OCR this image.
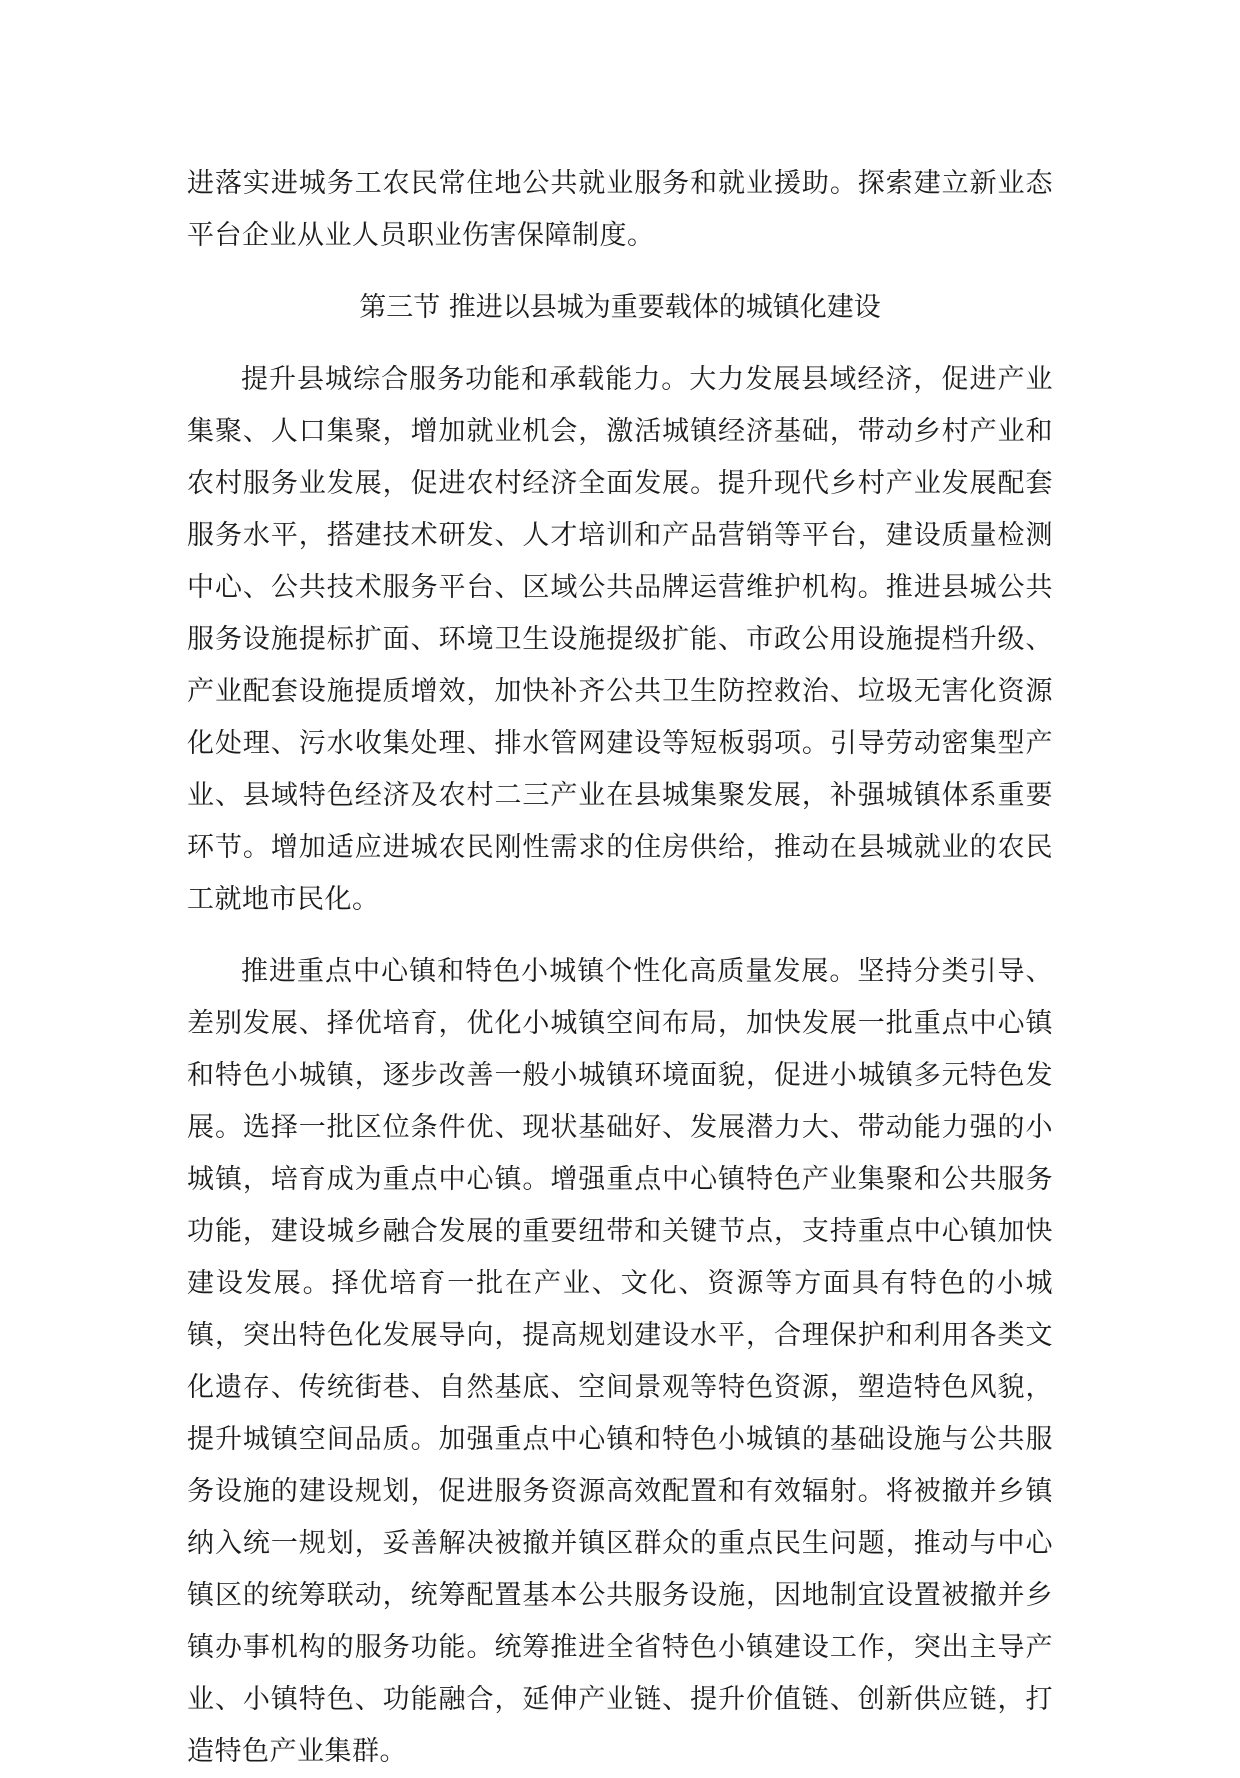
进落实进城务工农民常住地公共就业服务和就业援助。探索建立新业态平台企业从业人员职业伤害保障制度。

第三节 推进以县城为重要载体的城镇化建设

提升县城综合服务功能和承载能力。大力发展县域经济，促进产业集聚、人口集聚，增加就业机会，激活城镇经济基础，带动乡村产业和农村服务业发展，促进农村经济全面发展。提升现代乡村产业发展配套服务水平，搭建技术研发、人才培训和产品营销等平台，建设质量检测中心、公共技术服务平台、区域公共品牌运营维护机构。推进县城公共服务设施提标扩面、环境卫生设施提级扩能、市政公用设施提档升级、产业配套设施提质增效，加快补齐公共卫生防控救治、垃圾无害化资源化处理、污水收集处理、排水管网建设等短板弱项。引导劳动密集型产业、县域特色经济及农村二三产业在县城集聚发展，补强城镇体系重要环节。增加适应进城农民刚性需求的住房供给，推动在县城就业的农民工就地市民化。

推进重点中心镇和特色小城镇个性化高质量发展。坚持分类引导、差别发展、择优培育，优化小城镇空间布局，加快发展一批重点中心镇和特色小城镇，逐步改善一般小城镇环境面貌，促进小城镇多元特色发展。选择一批区位条件优、现状基础好、发展潜力大、带动能力强的小城镇，培育成为重点中心镇。增强重点中心镇特色产业集聚和公共服务功能，建设城乡融合发展的重要纽带和关键节点，支持重点中心镇加快建设发展。择优培育一批在产业、文化、资源等方面具有特色的小城镇，突出特色化发展导向，提高规划建设水平，合理保护和利用各类文化遗存、传统街巷、自然基底、空间景观等特色资源，塑造特色风貌，提升城镇空间品质。加强重点中心镇和特色小城镇的基础设施与公共服务设施的建设规划，促进服务资源高效配置和有效辐射。将被撤并乡镇纳入统一规划，妥善解决被撤并镇区群众的重点民生问题，推动与中心镇区的统筹联动，统筹配置基本公共服务设施，因地制宜设置被撤并乡镇办事机构的服务功能。统筹推进全省特色小镇建设工作，突出主导产业、小镇特色、功能融合，延伸产业链、提升价值链、创新供应链，打造特色产业集群。
